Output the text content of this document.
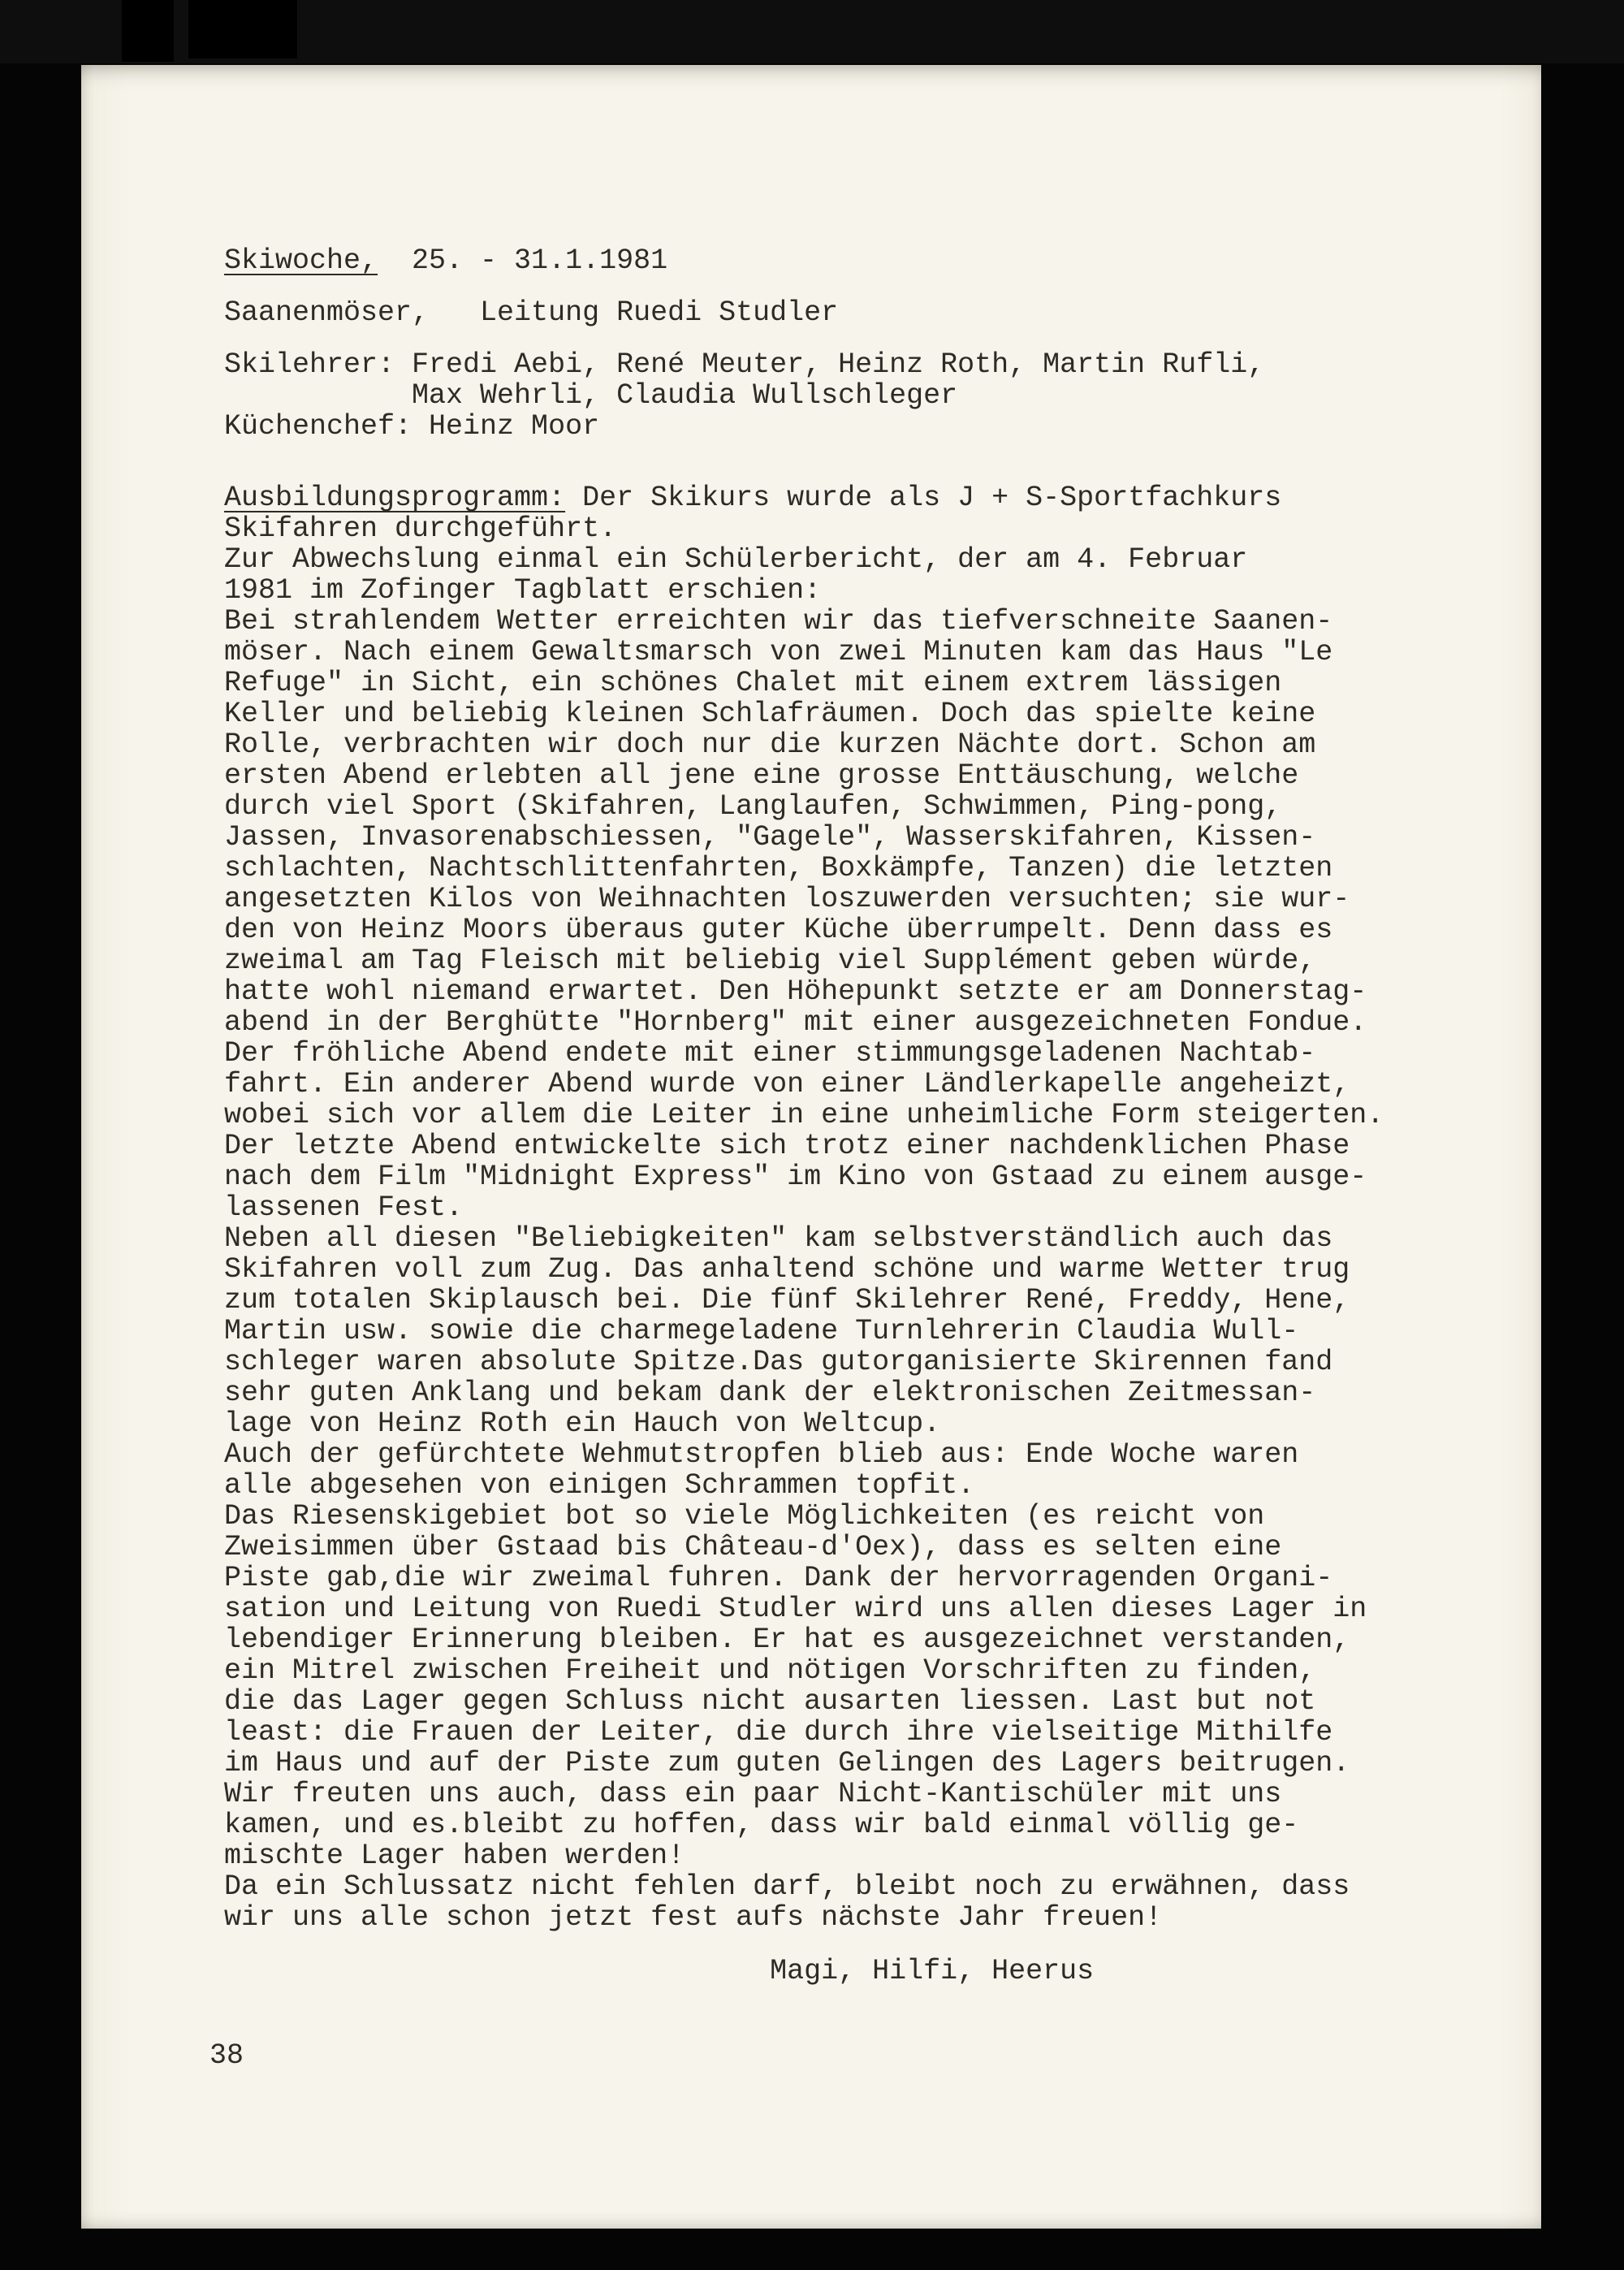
Skiwoche,  25. - 31.1.1981
Saanenmöser,   Leitung Ruedi Studler
Skilehrer: Fredi Aebi, René Meuter, Heinz Roth, Martin Rufli,
Max Wehrli, Claudia Wullschleger
Küchenchef: Heinz Moor
Ausbildungsprogramm: Der Skikurs wurde als J + S-Sportfachkurs
Skifahren durchgeführt.
Zur Abwechslung einmal ein Schülerbericht, der am 4. Februar
1981 im Zofinger Tagblatt erschien:
Bei strahlendem Wetter erreichten wir das tiefverschneite Saanen-
möser. Nach einem Gewaltsmarsch von zwei Minuten kam das Haus "Le
Refuge" in Sicht, ein schönes Chalet mit einem extrem lässigen
Keller und beliebig kleinen Schlafräumen. Doch das spielte keine
Rolle, verbrachten wir doch nur die kurzen Nächte dort. Schon am
ersten Abend erlebten all jene eine grosse Enttäuschung, welche
durch viel Sport (Skifahren, Langlaufen, Schwimmen, Ping-pong,
Jassen, Invasorenabschiessen, "Gagele", Wasserskifahren, Kissen-
schlachten, Nachtschlittenfahrten, Boxkämpfe, Tanzen) die letzten
angesetzten Kilos von Weihnachten loszuwerden versuchten; sie wur-
den von Heinz Moors überaus guter Küche überrumpelt. Denn dass es
zweimal am Tag Fleisch mit beliebig viel Supplément geben würde,
hatte wohl niemand erwartet. Den Höhepunkt setzte er am Donnerstag-
abend in der Berghütte "Hornberg" mit einer ausgezeichneten Fondue.
Der fröhliche Abend endete mit einer stimmungsgeladenen Nachtab-
fahrt. Ein anderer Abend wurde von einer Ländlerkapelle angeheizt,
wobei sich vor allem die Leiter in eine unheimliche Form steigerten.
Der letzte Abend entwickelte sich trotz einer nachdenklichen Phase
nach dem Film "Midnight Express" im Kino von Gstaad zu einem ausge-
lassenen Fest.
Neben all diesen "Beliebigkeiten" kam selbstverständlich auch das
Skifahren voll zum Zug. Das anhaltend schöne und warme Wetter trug
zum totalen Skiplausch bei. Die fünf Skilehrer René, Freddy, Hene,
Martin usw. sowie die charmegeladene Turnlehrerin Claudia Wull-
schleger waren absolute Spitze.Das gutorganisierte Skirennen fand
sehr guten Anklang und bekam dank der elektronischen Zeitmessan-
lage von Heinz Roth ein Hauch von Weltcup.
Auch der gefürchtete Wehmutstropfen blieb aus: Ende Woche waren
alle abgesehen von einigen Schrammen topfit.
Das Riesenskigebiet bot so viele Möglichkeiten (es reicht von
Zweisimmen über Gstaad bis Château-d'Oex), dass es selten eine
Piste gab,die wir zweimal fuhren. Dank der hervorragenden Organi-
sation und Leitung von Ruedi Studler wird uns allen dieses Lager in
lebendiger Erinnerung bleiben. Er hat es ausgezeichnet verstanden,
ein Mitrel zwischen Freiheit und nötigen Vorschriften zu finden,
die das Lager gegen Schluss nicht ausarten liessen. Last but not
least: die Frauen der Leiter, die durch ihre vielseitige Mithilfe
im Haus und auf der Piste zum guten Gelingen des Lagers beitrugen.
Wir freuten uns auch, dass ein paar Nicht-Kantischüler mit uns
kamen, und es.bleibt zu hoffen, dass wir bald einmal völlig ge-
mischte Lager haben werden!
Da ein Schlussatz nicht fehlen darf, bleibt noch zu erwähnen, dass
wir uns alle schon jetzt fest aufs nächste Jahr freuen!
Magi, Hilfi, Heerus
38
